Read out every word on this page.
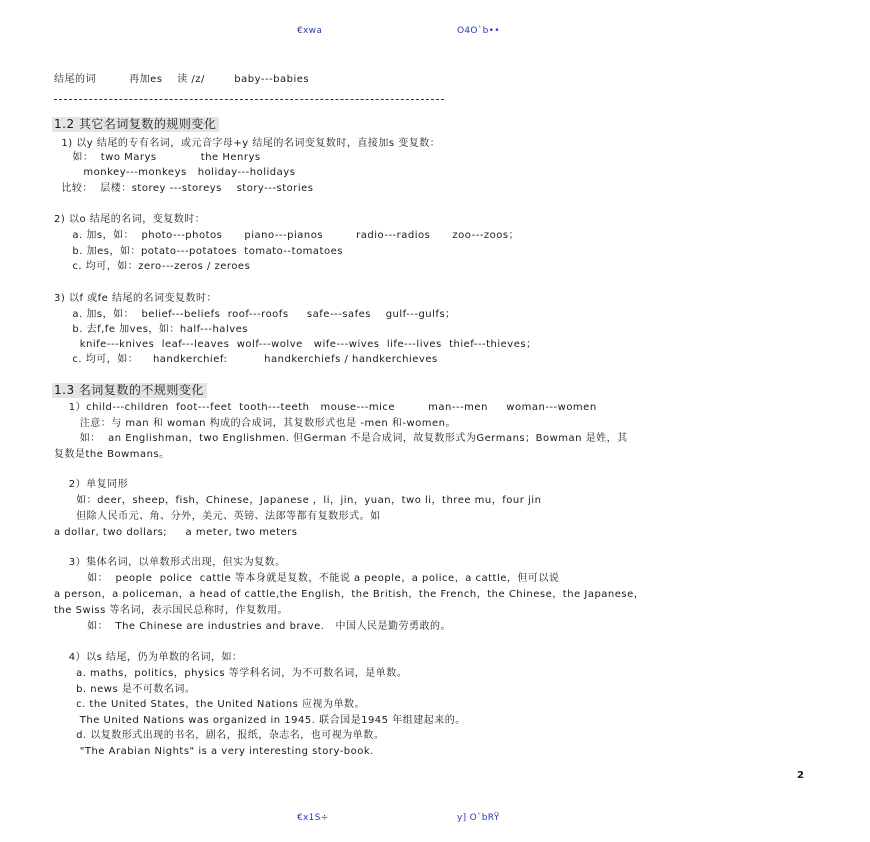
€xwa	O4O`b••
结尾的词         再加es    读 /z/        baby---babies
1.2 其它名词复数的规则变化
1) 以y 结尾的专有名词，或元音字母+y 结尾的名词变复数时，直接加s 变复数：
如：  two Marys            the Henrys
monkey---monkeys   holiday---holidays
比较：  层楼：storey ---storeys    story---stories
2) 以o 结尾的名词，变复数时：
a. 加s，如：  photo---photos      piano---pianos         radio---radios      zoo---zoos；
b. 加es，如：potato---potatoes  tomato--tomatoes
c. 均可，如：zero---zeros / zeroes
3) 以f 或fe 结尾的名词变复数时：
a. 加s，如：  belief---beliefs  roof---roofs     safe---safes    gulf---gulfs；
b. 去f,fe 加ves，如：half---halves
knife---knives  leaf---leaves  wolf---wolve   wife---wives  life---lives  thief---thieves；
c. 均可，如：    handkerchief:          handkerchiefs / handkerchieves
1.3 名词复数的不规则变化
1）child---children  foot---feet  tooth---teeth   mouse---mice         man---men     woman---women
注意：与 man 和 woman 构成的合成词，其复数形式也是 -men 和-women。
如：  an Englishman，two Englishmen. 但German 不是合成词，故复数形式为Germans；Bowman 是姓，其
复数是the Bowmans。
2）单复同形
如：deer，sheep，fish，Chinese，Japanese ，li，jin，yuan，two li，three mu，four jin
但除人民币元、角、分外，美元、英镑、法郎等都有复数形式。如
a dollar, two dollars;     a meter, two meters
3）集体名词，以单数形式出现，但实为复数。
如：  people  police  cattle 等本身就是复数，不能说 a people，a police，a cattle，但可以说
a person，a policeman，a head of cattle,the English，the British，the French，the Chinese，the Japanese，
the Swiss 等名词，表示国民总称时，作复数用。
如：  The Chinese are industries and brave.   中国人民是勤劳勇敢的。
4）以s 结尾，仍为单数的名词，如：
a. maths，politics，physics 等学科名词，为不可数名词，是单数。
b. news 是不可数名词。
c. the United States，the United Nations 应视为单数。
The United Nations was organized in 1945. 联合国是1945 年组建起来的。
d. 以复数形式出现的书名，剧名，报纸，杂志名，也可视为单数。
"The Arabian Nights" is a very interesting story-book.
2
€x1S÷	y] O`bRŸ
